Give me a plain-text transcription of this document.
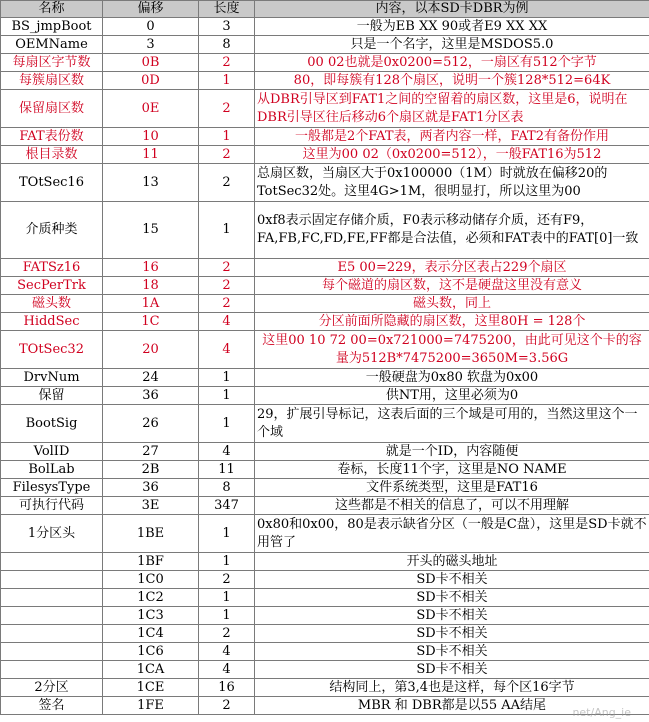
名称	偏移	长度	内容，以本SD卡DBR为例
BS_jmpBoot	0	3	一般为EB XX 90或者E9 XX XX
OEMName	3	8	只是一个名字，这里是MSDOS5.0
每扇区字节数	0B	2	00 02也就是0x0200=512，一扇区有512个字节
每簇扇区数	0D	1	80，即每簇有128个扇区，说明一个簇128*512=64K
保留扇区数	0E	2	从DBR引导区到FAT1之间的空留着的扇区数，这里是6，说明在DBR引导区往后移动6个扇区就是FAT1分区表
FAT表份数	10	1	一般都是2个FAT表，两者内容一样，FAT2有备份作用
根目录数	11	2	这里为00 02（0x0200=512），一般FAT16为512
TOtSec16	13	2	总扇区数，当扇区大于0x100000（1M）时就放在偏移20的TotSec32处。这里4G>1M，很明显打，所以这里为00
介质种类	15	1	0xf8表示固定存储介质，F0表示移动储存介质，还有F9，FA,FB,FC,FD,FE,FF都是合法值，必须和FAT表中的FAT[0]一致
FATSz16	16	2	E5 00=229，表示分区表占229个扇区
SecPerTrk	18	2	每个磁道的扇区数，这不是硬盘这里没有意义
磁头数	1A	2	磁头数，同上
HiddSec	1C	4	分区前面所隐藏的扇区数，这里80H = 128个
TOtSec32	20	4	这里00 10 72 00=0x721000=7475200，由此可见这个卡的容量为512B*7475200=3650M=3.56G
DrvNum	24	1	一般硬盘为0x80 软盘为0x00
保留	36	1	供NT用，这里必须为0
BootSig	26	1	29，扩展引导标记，这表后面的三个域是可用的，当然这里这个一个域
VolID	27	4	就是一个ID，内容随便
BolLab	2B	11	卷标，长度11个字，这里是NO NAME
FilesysType	36	8	文件系统类型，这里是FAT16
可执行代码	3E	347	这些都是不相关的信息了，可以不用理解
1分区头	1BE	1	0x80和0x00，80是表示缺省分区（一般是C盘），这里是SD卡就不用管了
	1BF	1	开头的磁头地址
	1C0	2	SD卡不相关
	1C2	1	SD卡不相关
	1C3	1	SD卡不相关
	1C4	2	SD卡不相关
	1C6	4	SD卡不相关
	1CA	4	SD卡不相关
2分区	1CE	16	结构同上，第3,4也是这样，每个区16字节
签名	1FE	2	MBR 和 DBR都是以55 AA结尾 net/Ang_ie
